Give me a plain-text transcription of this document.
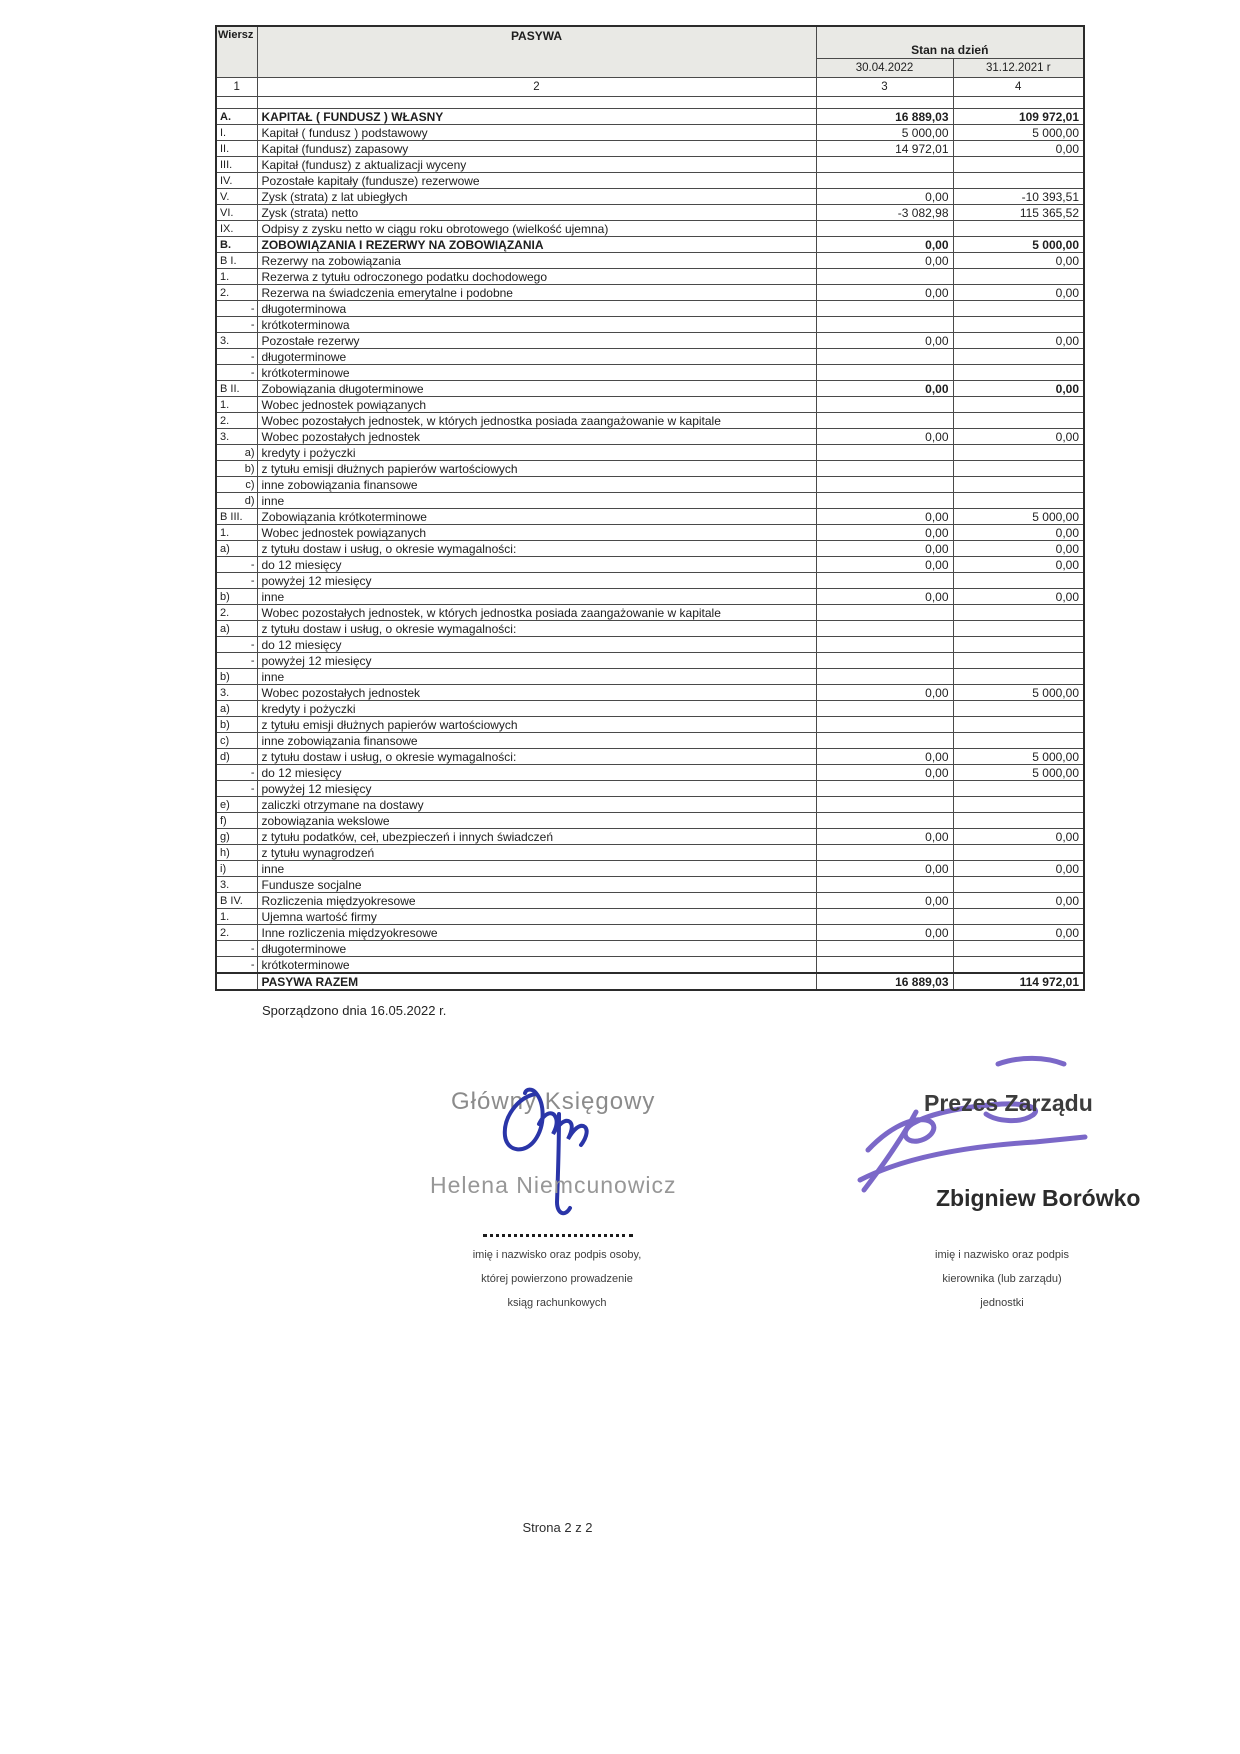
Wiersz	PASYWA	Stan na dzień	
		30.04.2022	31.12.2021 r
1	2	3	4

A.	KAPITAŁ ( FUNDUSZ ) WŁASNY	16 889,03	109 972,01
I.	Kapitał ( fundusz ) podstawowy	5 000,00	5 000,00
II.	Kapitał (fundusz) zapasowy	14 972,01	0,00
III.	Kapitał (fundusz) z aktualizacji wyceny		
IV.	Pozostałe kapitały (fundusze) rezerwowe		
V.	Zysk (strata) z lat ubiegłych	0,00	-10 393,51
VI.	Zysk (strata) netto	-3 082,98	115 365,52
IX.	Odpisy z zysku netto w ciągu roku obrotowego (wielkość ujemna)		
B.	ZOBOWIĄZANIA I REZERWY NA ZOBOWIĄZANIA	0,00	5 000,00
B I.	Rezerwy na zobowiązania	0,00	0,00
1.	Rezerwa z tytułu odroczonego podatku dochodowego		
2.	Rezerwa na świadczenia emerytalne i podobne	0,00	0,00
-	długoterminowa		
-	krótkoterminowa		
3.	Pozostałe rezerwy	0,00	0,00
-	długoterminowe		
-	krótkoterminowe		
B II.	Zobowiązania długoterminowe	0,00	0,00
1.	Wobec jednostek powiązanych		
2.	Wobec pozostałych jednostek, w których jednostka posiada zaangażowanie w kapitale		
3.	Wobec pozostałych jednostek	0,00	0,00
a)	kredyty i pożyczki		
b)	z tytułu emisji dłużnych papierów wartościowych		
c)	inne zobowiązania finansowe		
d)	inne		
B III.	Zobowiązania krótkoterminowe	0,00	5 000,00
1.	Wobec jednostek powiązanych	0,00	0,00
a)	z tytułu dostaw i usług, o okresie wymagalności:	0,00	0,00
-	do 12 miesięcy	0,00	0,00
-	powyżej 12 miesięcy		
b)	inne	0,00	0,00
2.	Wobec pozostałych jednostek, w których jednostka posiada zaangażowanie w kapitale		
a)	z tytułu dostaw i usług, o okresie wymagalności:		
-	do 12 miesięcy		
-	powyżej 12 miesięcy		
b)	inne		
3.	Wobec pozostałych jednostek	0,00	5 000,00
a)	kredyty i pożyczki		
b)	z tytułu emisji dłużnych papierów wartościowych		
c)	inne zobowiązania finansowe		
d)	z tytułu dostaw i usług, o okresie wymagalności:	0,00	5 000,00
-	do 12 miesięcy	0,00	5 000,00
-	powyżej 12 miesięcy		
e)	zaliczki otrzymane na dostawy		
f)	zobowiązania wekslowe		
g)	z tytułu podatków, ceł, ubezpieczeń i innych świadczeń	0,00	0,00
h)	z tytułu wynagrodzeń		
i)	inne	0,00	0,00
3.	Fundusze socjalne		
B IV.	Rozliczenia międzyokresowe	0,00	0,00
1.	Ujemna wartość firmy		
2.	Inne rozliczenia międzyokresowe	0,00	0,00
-	długoterminowe		
-	krótkoterminowe		
	PASYWA RAZEM	16 889,03	114 972,01
Sporządzono dnia 16.05.2022 r.
Główny Księgowy
Helena Niemcunowicz
imię i nazwisko oraz podpis osoby,
której powierzono prowadzenie
ksiąg rachunkowych
Prezes Zarządu
Zbigniew Borówko
imię i nazwisko oraz podpis
kierownika (lub zarządu)
jednostki
Strona 2 z 2
